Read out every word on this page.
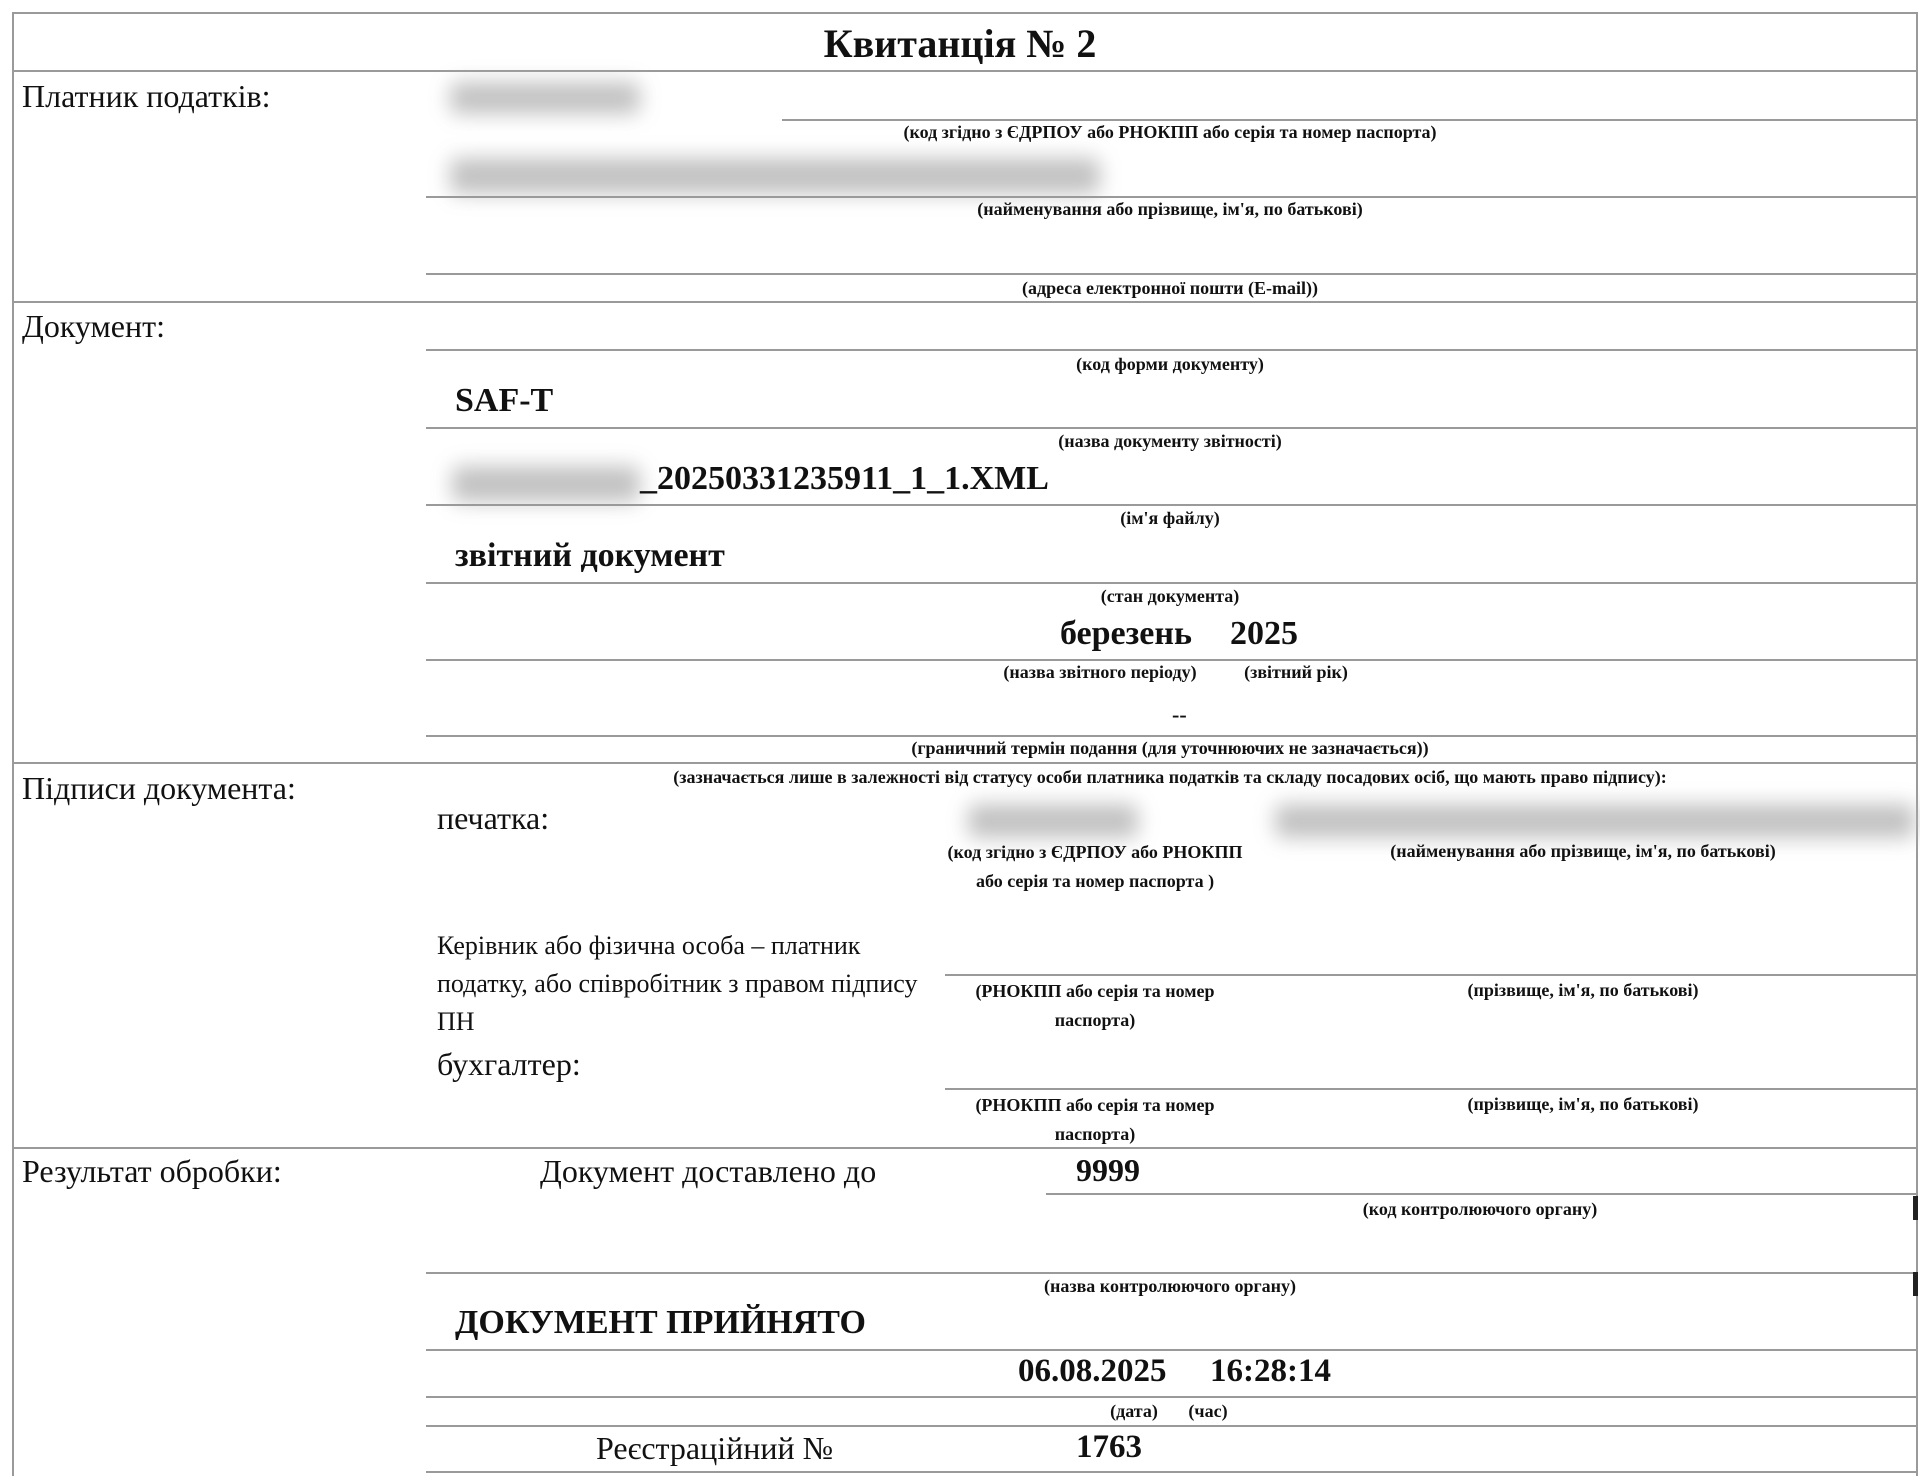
Квитанція № 2
Платник податків:
(код згідно з ЄДРПОУ або РНОКПП або серія та номер паспорта)
(найменування або прізвище, ім'я, по батькові)
(адреса електронної пошти (E-mail))
Документ:
(код форми документу)
SAF-T
(назва документу звітності)
_20250331235911_1_1.XML
(ім'я файлу)
звітний документ
(стан документа)
березень 2025
(назва звітного періоду)	(звітний рік)
--
(граничний термін подання (для уточнюючих не зазначається))
Підписи документа:	(зазначається лише в залежності від статусу особи платника податків та складу посадових осіб, що мають право підпису):
печатка:
(код згідно з ЄДРПОУ або РНОКПП або серія та номер паспорта )
(найменування або прізвище, ім'я, по батькові)
Керівник або фізична особа – платник податку, або співробітник з правом підпису ПН
(РНОКПП або серія та номер паспорта)
(прізвище, ім'я, по батькові)
бухгалтер:
(РНОКПП або серія та номер паспорта)
(прізвище, ім'я, по батькові)
Результат обробки:	Документ доставлено до	9999
(код контролюючого органу)
(назва контролюючого органу)
ДОКУМЕНТ ПРИЙНЯТО
06.08.2025 16:28:14
(дата) (час)
Реєстраційний №	1763
